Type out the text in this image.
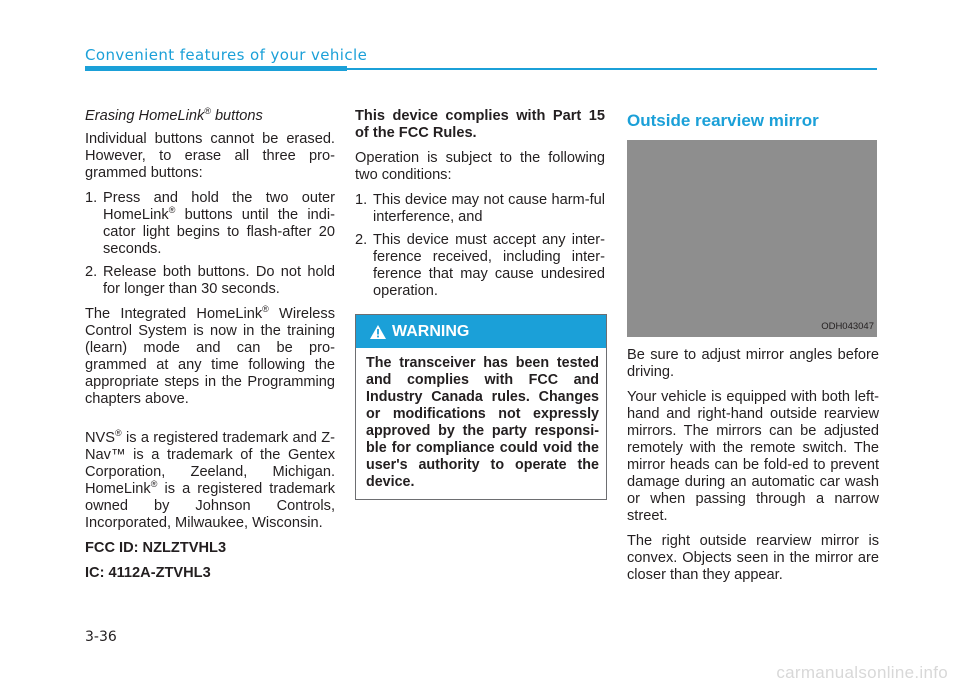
Convenient features of your vehicle

Erasing HomeLink® buttons

Individual buttons cannot be erased. However, to erase all three pro-grammed buttons:

1. Press and hold the two outer HomeLink® buttons until the indi-cator light begins to flash-after 20 seconds.
2. Release both buttons. Do not hold for longer than 30 seconds.

The Integrated HomeLink® Wireless Control System is now in the training (learn) mode and can be pro-grammed at any time following the appropriate steps in the Programming chapters above.

NVS® is a registered trademark and Z-Nav™ is a trademark of the Gentex Corporation, Zeeland, Michigan. HomeLink® is a registered trademark owned by Johnson Controls, Incorporated, Milwaukee, Wisconsin.

FCC ID: NZLZTVHL3

IC: 4112A-ZTVHL3

This device complies with Part 15 of the FCC Rules.

Operation is subject to the following two conditions:

1. This device may not cause harm-ful interference, and
2. This device must accept any inter-ference received, including inter-ference that may cause undesired operation.
WARNING
The transceiver has been tested and complies with FCC and Industry Canada rules. Changes or modifications not expressly approved by the party responsi-ble for compliance could void the user's authority to operate the device.
Outside rearview mirror
ODH043047

Be sure to adjust mirror angles before driving.

Your vehicle is equipped with both left-hand and right-hand outside rearview mirrors. The mirrors can be adjusted remotely with the remote switch. The mirror heads can be fold-ed to prevent damage during an automatic car wash or when passing through a narrow street.

The right outside rearview mirror is convex. Objects seen in the mirror are closer than they appear.

3-36
carmanualsonline.info
